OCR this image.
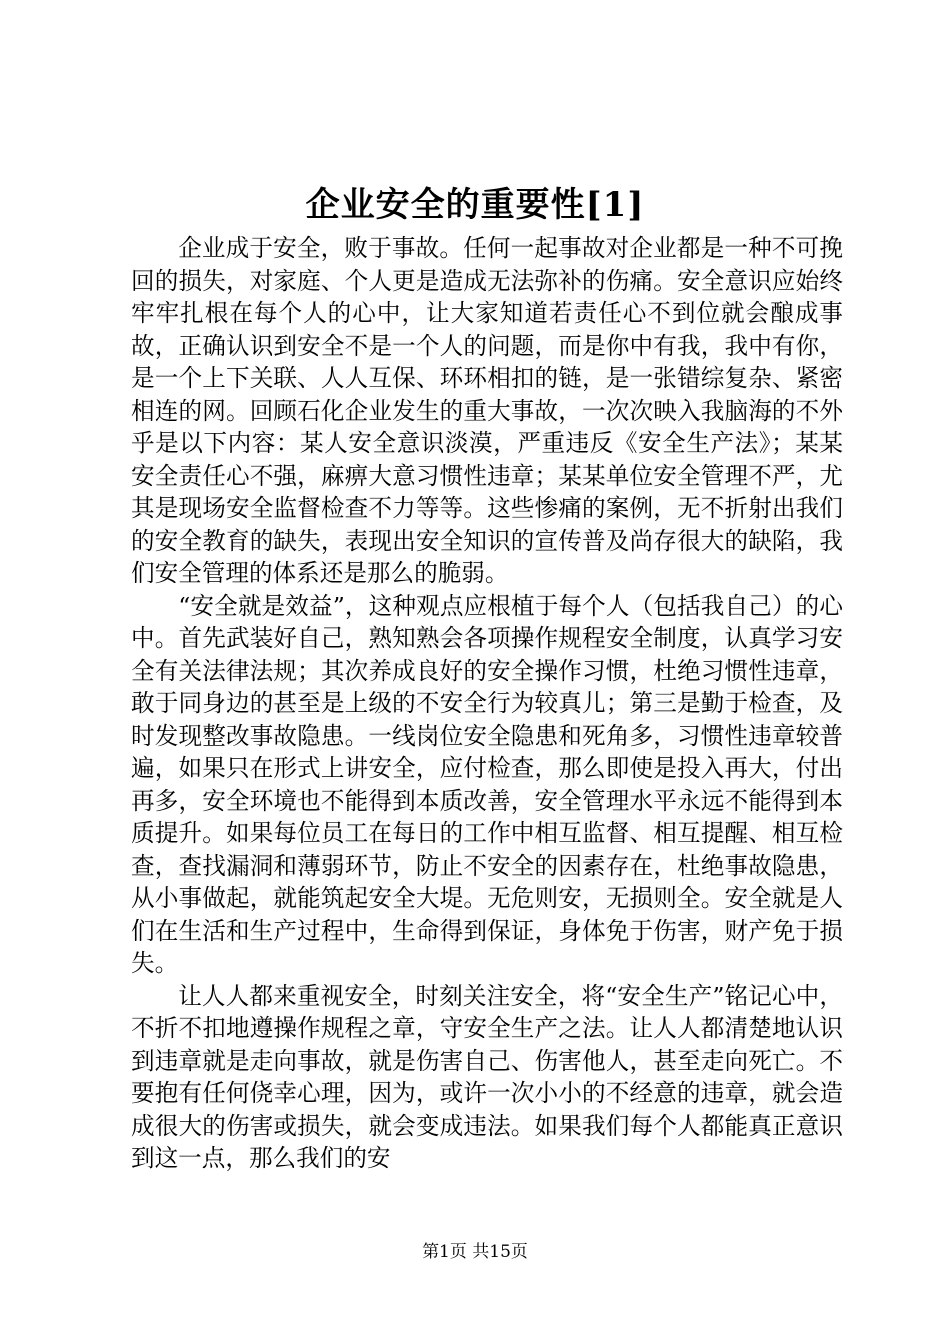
企业安全的重要性[1]

企业成于安全，败于事故。任何一起事故对企业都是一种不可挽回的损失，对家庭、个人更是造成无法弥补的伤痛。安全意识应始终牢牢扎根在每个人的心中，让大家知道若责任心不到位就会酿成事故，正确认识到安全不是一个人的问题，而是你中有我，我中有你，是一个上下关联、人人互保、环环相扣的链，是一张错综复杂、紧密相连的网。回顾石化企业发生的重大事故，一次次映入我脑海的不外乎是以下内容：某人安全意识淡漠，严重违反《安全生产法》；某某安全责任心不强，麻痹大意习惯性违章；某某单位安全管理不严，尤其是现场安全监督检查不力等等。这些惨痛的案例，无不折射出我们的安全教育的缺失，表现出安全知识的宣传普及尚存很大的缺陷，我们安全管理的体系还是那么的脆弱。

“安全就是效益”，这种观点应根植于每个人（包括我自己）的心中。首先武装好自己，熟知熟会各项操作规程安全制度，认真学习安全有关法律法规；其次养成良好的安全操作习惯，杜绝习惯性违章，敢于同身边的甚至是上级的不安全行为较真儿；第三是勤于检查，及时发现整改事故隐患。一线岗位安全隐患和死角多，习惯性违章较普遍，如果只在形式上讲安全，应付检查，那么即使是投入再大，付出再多，安全环境也不能得到本质改善，安全管理水平永远不能得到本质提升。如果每位员工在每日的工作中相互监督、相互提醒、相互检查，查找漏洞和薄弱环节，防止不安全的因素存在，杜绝事故隐患，从小事做起，就能筑起安全大堤。无危则安，无损则全。安全就是人们在生活和生产过程中，生命得到保证，身体免于伤害，财产免于损失。

让人人都来重视安全，时刻关注安全，将“安全生产”铭记心中，不折不扣地遵操作规程之章，守安全生产之法。让人人都清楚地认识到违章就是走向事故，就是伤害自己、伤害他人，甚至走向死亡。不要抱有任何侥幸心理，因为，或许一次小小的不经意的违章，就会造成很大的伤害或损失，就会变成违法。如果我们每个人都能真正意识到这一点，那么我们的安

第1页 共15页
